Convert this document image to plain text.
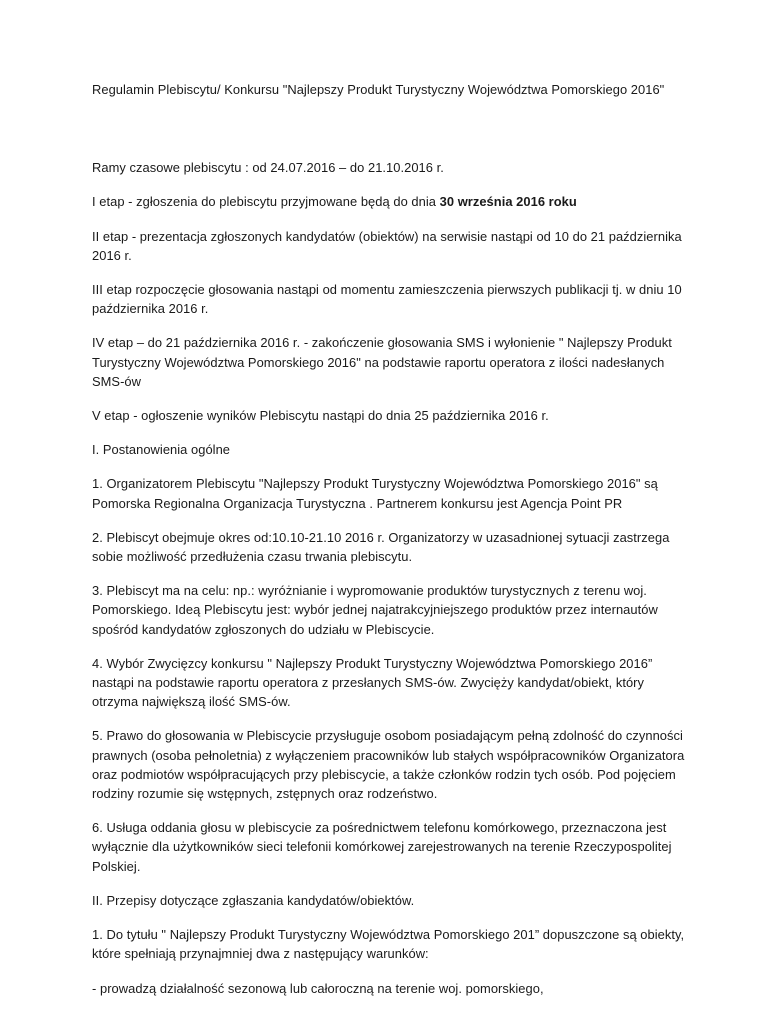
Regulamin Plebiscytu/ Konkursu "Najlepszy Produkt Turystyczny Województwa Pomorskiego 2016"

Ramy czasowe plebiscytu : od 24.07.2016 – do 21.10.2016 r.

I etap - zgłoszenia do plebiscytu przyjmowane będą do dnia 30 września 2016 roku

II etap - prezentacja zgłoszonych kandydatów (obiektów) na serwisie nastąpi od 10 do 21 października 2016 r.

III etap rozpoczęcie głosowania nastąpi od momentu zamieszczenia pierwszych publikacji tj. w dniu 10 października 2016 r.

IV etap – do 21 października 2016 r. - zakończenie głosowania SMS i wyłonienie " Najlepszy Produkt Turystyczny Województwa Pomorskiego 2016" na podstawie raportu operatora z ilości nadesłanych SMS-ów

V etap - ogłoszenie wyników Plebiscytu nastąpi do dnia 25 października 2016 r.

I. Postanowienia ogólne

1. Organizatorem Plebiscytu "Najlepszy Produkt Turystyczny Województwa Pomorskiego 2016" są Pomorska Regionalna Organizacja Turystyczna . Partnerem konkursu jest Agencja Point PR

2. Plebiscyt obejmuje okres od:10.10-21.10 2016 r. Organizatorzy w uzasadnionej sytuacji zastrzega sobie możliwość przedłużenia czasu trwania plebiscytu.

3. Plebiscyt ma na celu: np.: wyróżnianie i wypromowanie produktów turystycznych z terenu woj. Pomorskiego. Ideą Plebiscytu jest: wybór jednej najatrakcyjniejszego produktów przez internautów spośród kandydatów zgłoszonych do udziału w Plebiscycie.

4. Wybór Zwycięzcy konkursu " Najlepszy Produkt Turystyczny Województwa Pomorskiego 2016” nastąpi na podstawie raportu operatora z przesłanych SMS-ów. Zwycięży kandydat/obiekt, który otrzyma największą ilość SMS-ów.

5. Prawo do głosowania w Plebiscycie przysługuje osobom posiadającym pełną zdolność do czynności prawnych (osoba pełnoletnia) z wyłączeniem pracowników lub stałych współpracowników Organizatora oraz podmiotów współpracujących przy plebiscycie, a także członków rodzin tych osób. Pod pojęciem rodziny rozumie się wstępnych, zstępnych oraz rodzeństwo.

6. Usługa oddania głosu w plebiscycie za pośrednictwem telefonu komórkowego, przeznaczona jest wyłącznie dla użytkowników sieci telefonii komórkowej zarejestrowanych na terenie Rzeczypospolitej Polskiej.

II. Przepisy dotyczące zgłaszania kandydatów/obiektów.

1. Do tytułu " Najlepszy Produkt Turystyczny Województwa Pomorskiego 201” dopuszczone są obiekty, które spełniają przynajmniej dwa z następujący warunków:

- prowadzą działalność sezonową lub całoroczną na terenie woj. pomorskiego,
